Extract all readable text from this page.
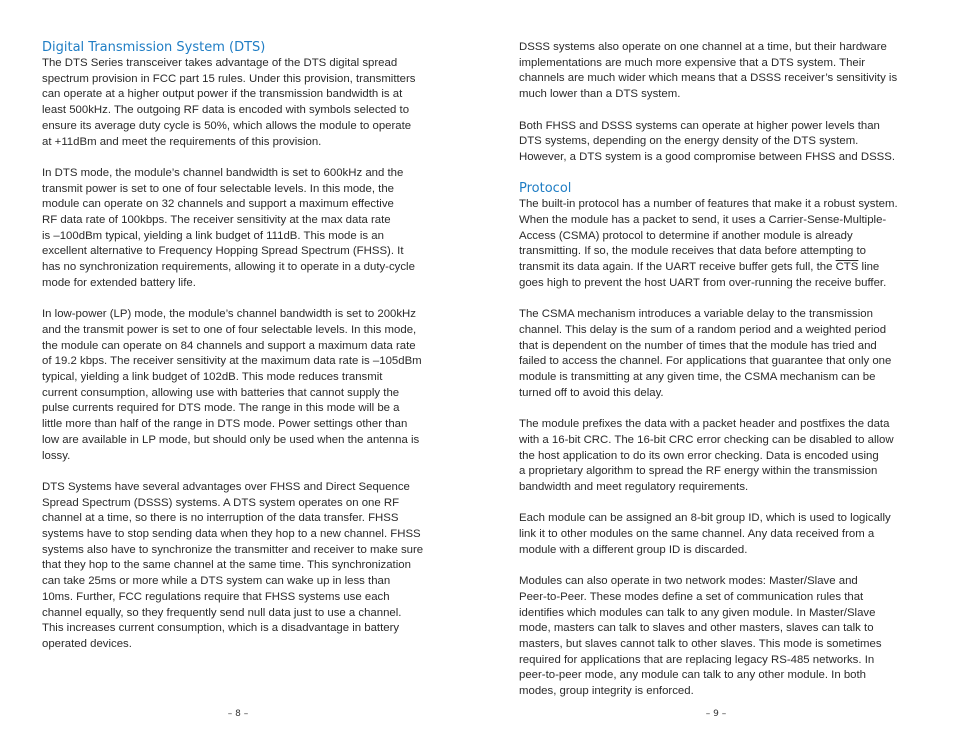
Digital Transmission System (DTS)

The DTS Series transceiver takes advantage of the DTS digital spread
spectrum provision in FCC part 15 rules. Under this provision, transmitters
can operate at a higher output power if the transmission bandwidth is at
least 500kHz. The outgoing RF data is encoded with symbols selected to
ensure its average duty cycle is 50%, which allows the module to operate
at +11dBm and meet the requirements of this provision.

In DTS mode, the module’s channel bandwidth is set to 600kHz and the
transmit power is set to one of four selectable levels. In this mode, the
module can operate on 32 channels and support a maximum effective
RF data rate of 100kbps. The receiver sensitivity at the max data rate
is –100dBm typical, yielding a link budget of 111dB. This mode is an
excellent alternative to Frequency Hopping Spread Spectrum (FHSS). It
has no synchronization requirements, allowing it to operate in a duty-cycle
mode for extended battery life.

In low-power (LP) mode, the module’s channel bandwidth is set to 200kHz
and the transmit power is set to one of four selectable levels. In this mode,
the module can operate on 84 channels and support a maximum data rate
of 19.2 kbps. The receiver sensitivity at the maximum data rate is –105dBm
typical, yielding a link budget of 102dB. This mode reduces transmit
current consumption, allowing use with batteries that cannot supply the
pulse currents required for DTS mode. The range in this mode will be a
little more than half of the range in DTS mode. Power settings other than
low are available in LP mode, but should only be used when the antenna is
lossy.

DTS Systems have several advantages over FHSS and Direct Sequence
Spread Spectrum (DSSS) systems. A DTS system operates on one RF
channel at a time, so there is no interruption of the data transfer. FHSS
systems have to stop sending data when they hop to a new channel. FHSS
systems also have to synchronize the transmitter and receiver to make sure
that they hop to the same channel at the same time. This synchronization
can take 25ms or more while a DTS system can wake up in less than
10ms. Further, FCC regulations require that FHSS systems use each
channel equally, so they frequently send null data just to use a channel.
This increases current consumption, which is a disadvantage in battery
operated devices.

DSSS systems also operate on one channel at a time, but their hardware
implementations are much more expensive that a DTS system. Their
channels are much wider which means that a DSSS receiver’s sensitivity is
much lower than a DTS system.

Both FHSS and DSSS systems can operate at higher power levels than
DTS systems, depending on the energy density of the DTS system.
However, a DTS system is a good compromise between FHSS and DSSS.

Protocol

The built-in protocol has a number of features that make it a robust system.
When the module has a packet to send, it uses a Carrier-Sense-Multiple-
Access (CSMA) protocol to determine if another module is already
transmitting. If so, the module receives that data before attempting to
transmit its data again. If the UART receive buffer gets full, the $\overline{CTS}$ line
goes high to prevent the host UART from over-running the receive buffer.

The CSMA mechanism introduces a variable delay to the transmission
channel. This delay is the sum of a random period and a weighted period
that is dependent on the number of times that the module has tried and
failed to access the channel. For applications that guarantee that only one
module is transmitting at any given time, the CSMA mechanism can be
turned off to avoid this delay.

The module prefixes the data with a packet header and postfixes the data
with a 16-bit CRC. The 16-bit CRC error checking can be disabled to allow
the host application to do its own error checking. Data is encoded using
a proprietary algorithm to spread the RF energy within the transmission
bandwidth and meet regulatory requirements.

Each module can be assigned an 8-bit group ID, which is used to logically
link it to other modules on the same channel. Any data received from a
module with a different group ID is discarded.

Modules can also operate in two network modes: Master/Slave and
Peer-to-Peer. These modes define a set of communication rules that
identifies which modules can talk to any given module. In Master/Slave
mode, masters can talk to slaves and other masters, slaves can talk to
masters, but slaves cannot talk to other slaves. This mode is sometimes
required for applications that are replacing legacy RS-485 networks. In
peer-to-peer mode, any module can talk to any other module. In both
modes, group integrity is enforced.

– 8 –	– 9 –
